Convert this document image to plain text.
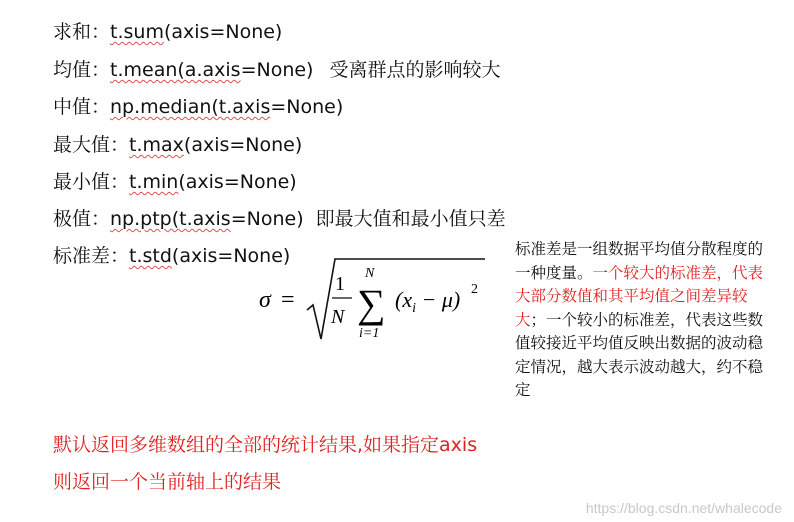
求和：t.sum(axis=None)
均值：t.mean(a.axis=None) 受离群点的影响较大
中值：np.median(t.axis=None)
最大值：t.max(axis=None)
最小值：t.min(axis=None)
极值：np.ptp(t.axis=None) 即最大值和最小值只差
标准差：t.std(axis=None)
σ =
1
N
N
∑
i=1
$(x_i - \mu)$ 2
标准差是一组数据平均值分散程度的一种度量。一个较大的标准差，代表大部分数值和其平均值之间差异较大；一个较小的标准差，代表这些数值较接近平均值反映出数据的波动稳定情况，越大表示波动越大，约不稳定
默认返回多维数组的全部的统计结果,如果指定axis
则返回一个当前轴上的结果
https://blog.csdn.net/whalecode
